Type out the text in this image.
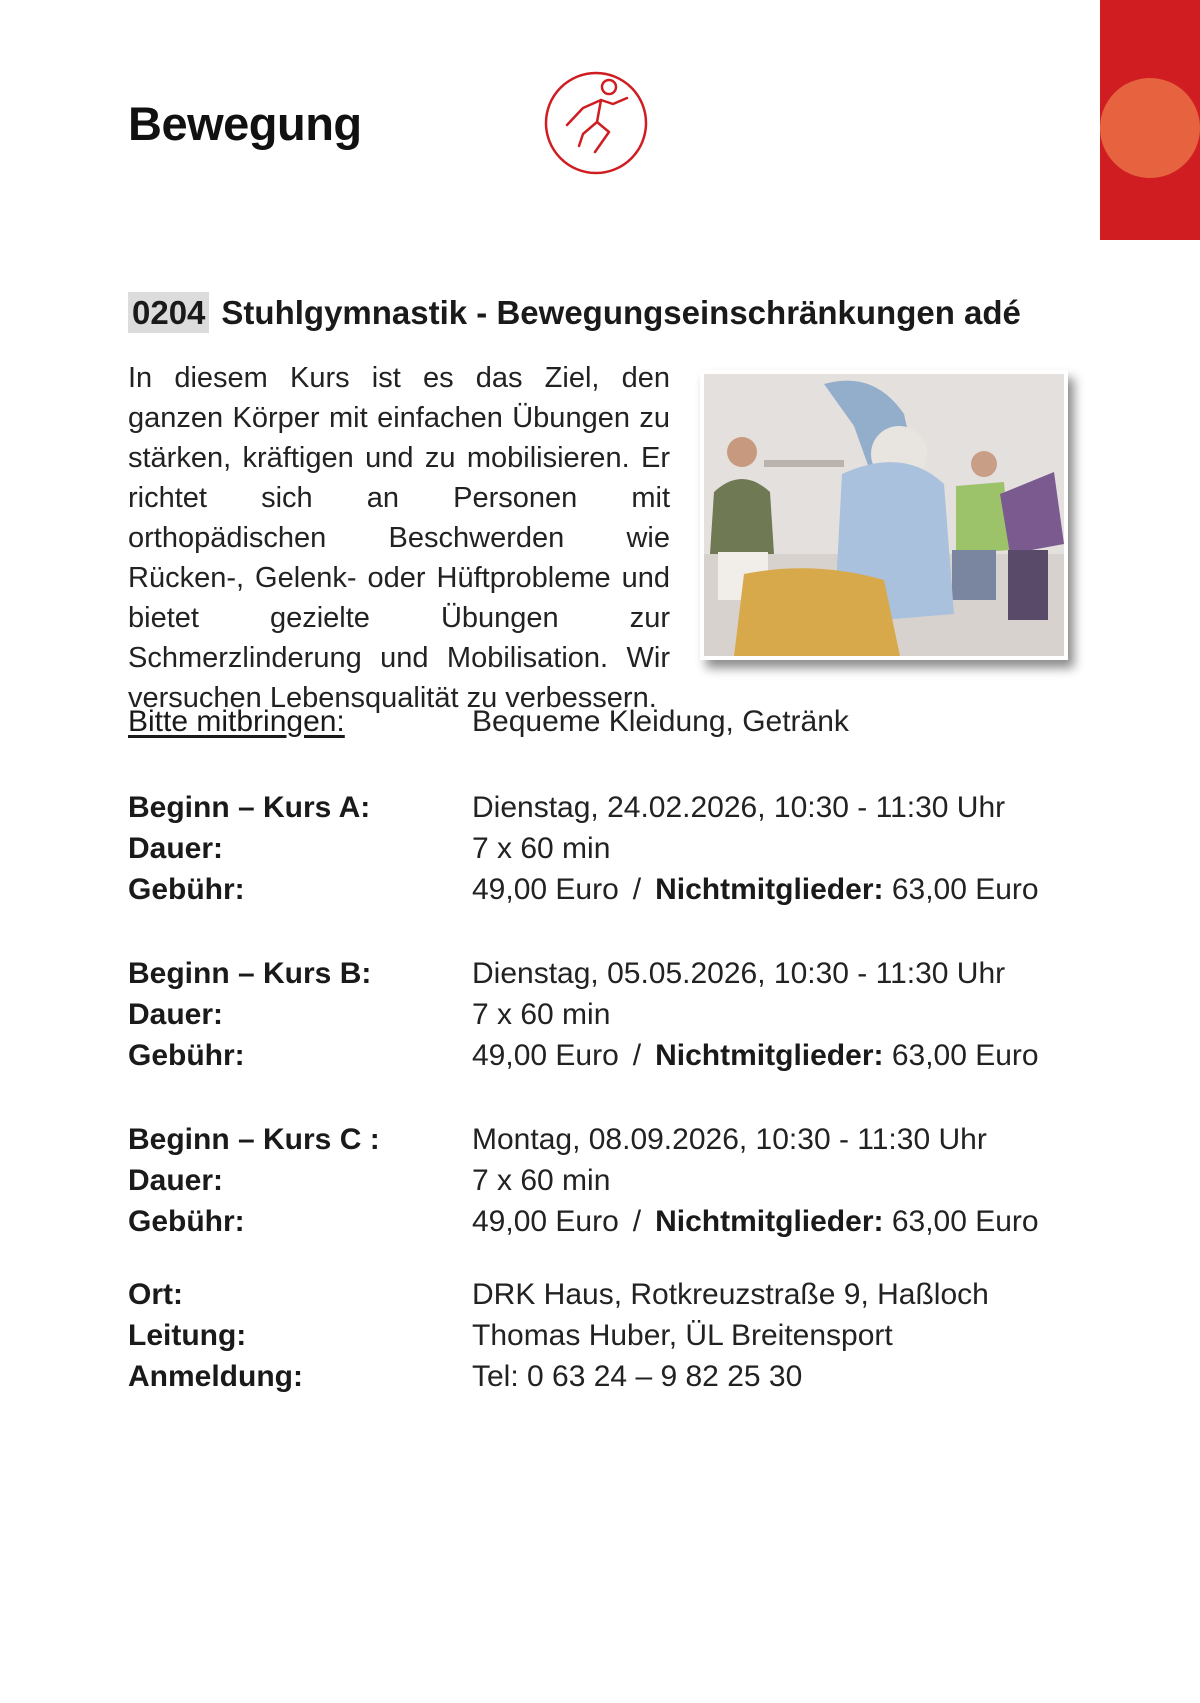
Bewegung
0204 Stuhlgymnastik - Bewegungseinschränkungen adé

In diesem Kurs ist es das Ziel, den ganzen Körper mit einfachen Übungen zu stärken, kräftigen und zu mobilisieren. Er richtet sich an Personen mit orthopädischen Beschwerden wie Rücken-, Gelenk- oder Hüftprobleme und bietet gezielte Übungen zur Schmerzlinderung und Mobilisation. Wir versuchen Lebensqualität zu verbessern.

Bitte mitbringen:	Bequeme Kleidung, Getränk
Beginn – Kurs A:	Dienstag, 24.02.2026, 10:30 - 11:30 Uhr
Dauer:	7 x 60 min
Gebühr:	49,00 Euro / Nichtmitglieder: 63,00 Euro
Beginn – Kurs B:	Dienstag, 05.05.2026, 10:30 - 11:30 Uhr
Dauer:	7 x 60 min
Gebühr:	49,00 Euro / Nichtmitglieder: 63,00 Euro
Beginn – Kurs C :	Montag, 08.09.2026, 10:30 - 11:30 Uhr
Dauer:	7 x 60 min
Gebühr:	49,00 Euro / Nichtmitglieder: 63,00 Euro
Ort:	DRK Haus, Rotkreuzstraße 9, Haßloch
Leitung:	Thomas Huber, ÜL Breitensport
Anmeldung:	Tel: 0 63 24 – 9 82 25 30
